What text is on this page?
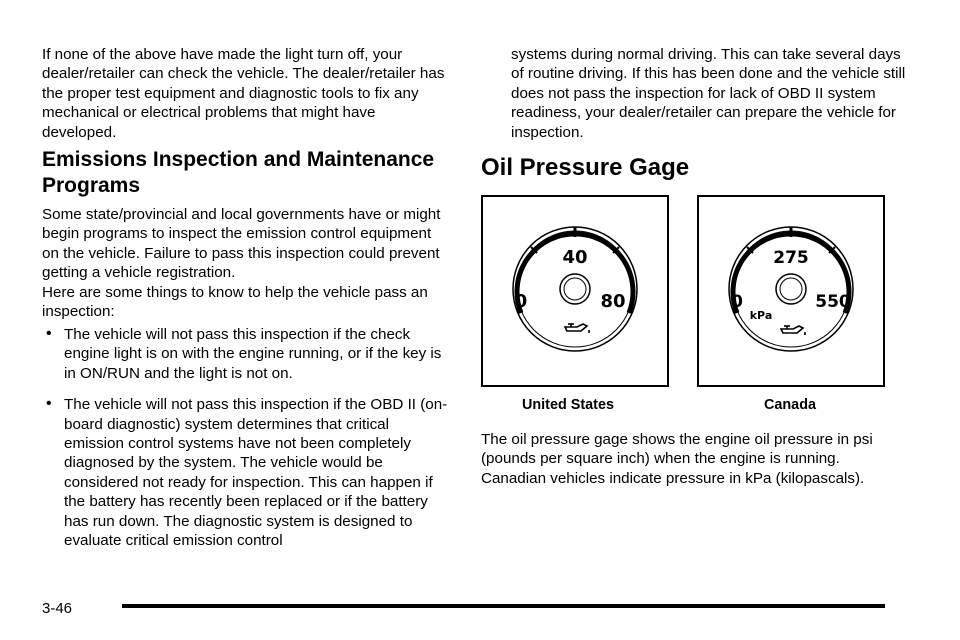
If none of the above have made the light turn off, your dealer/retailer can check the vehicle. The dealer/retailer has the proper test equipment and diagnostic tools to fix any mechanical or electrical problems that might have developed.

Emissions Inspection and Maintenance
Programs

Some state/provincial and local governments have or might begin programs to inspect the emission control equipment on the vehicle. Failure to pass this inspection could prevent getting a vehicle registration.

Here are some things to know to help the vehicle pass an inspection:

• The vehicle will not pass this inspection if the check engine light is on with the engine running, or if the key is in ON/RUN and the light is not on.
• The vehicle will not pass this inspection if the OBD II (on-board diagnostic) system determines that critical emission control systems have not been completely diagnosed by the system. The vehicle would be considered not ready for inspection. This can happen if the battery has recently been replaced or if the battery has run down. The diagnostic system is designed to evaluate critical emission control

systems during normal driving. This can take several days of routine driving. If this has been done and the vehicle still does not pass the inspection for lack of OBD II system readiness, your dealer/retailer can prepare the vehicle for inspection.

Oil Pressure Gage
40
0	80
United States
275
0	550
kPa
Canada

The oil pressure gage shows the engine oil pressure in psi (pounds per square inch) when the engine is running. Canadian vehicles indicate pressure in kPa (kilopascals).

3-46
